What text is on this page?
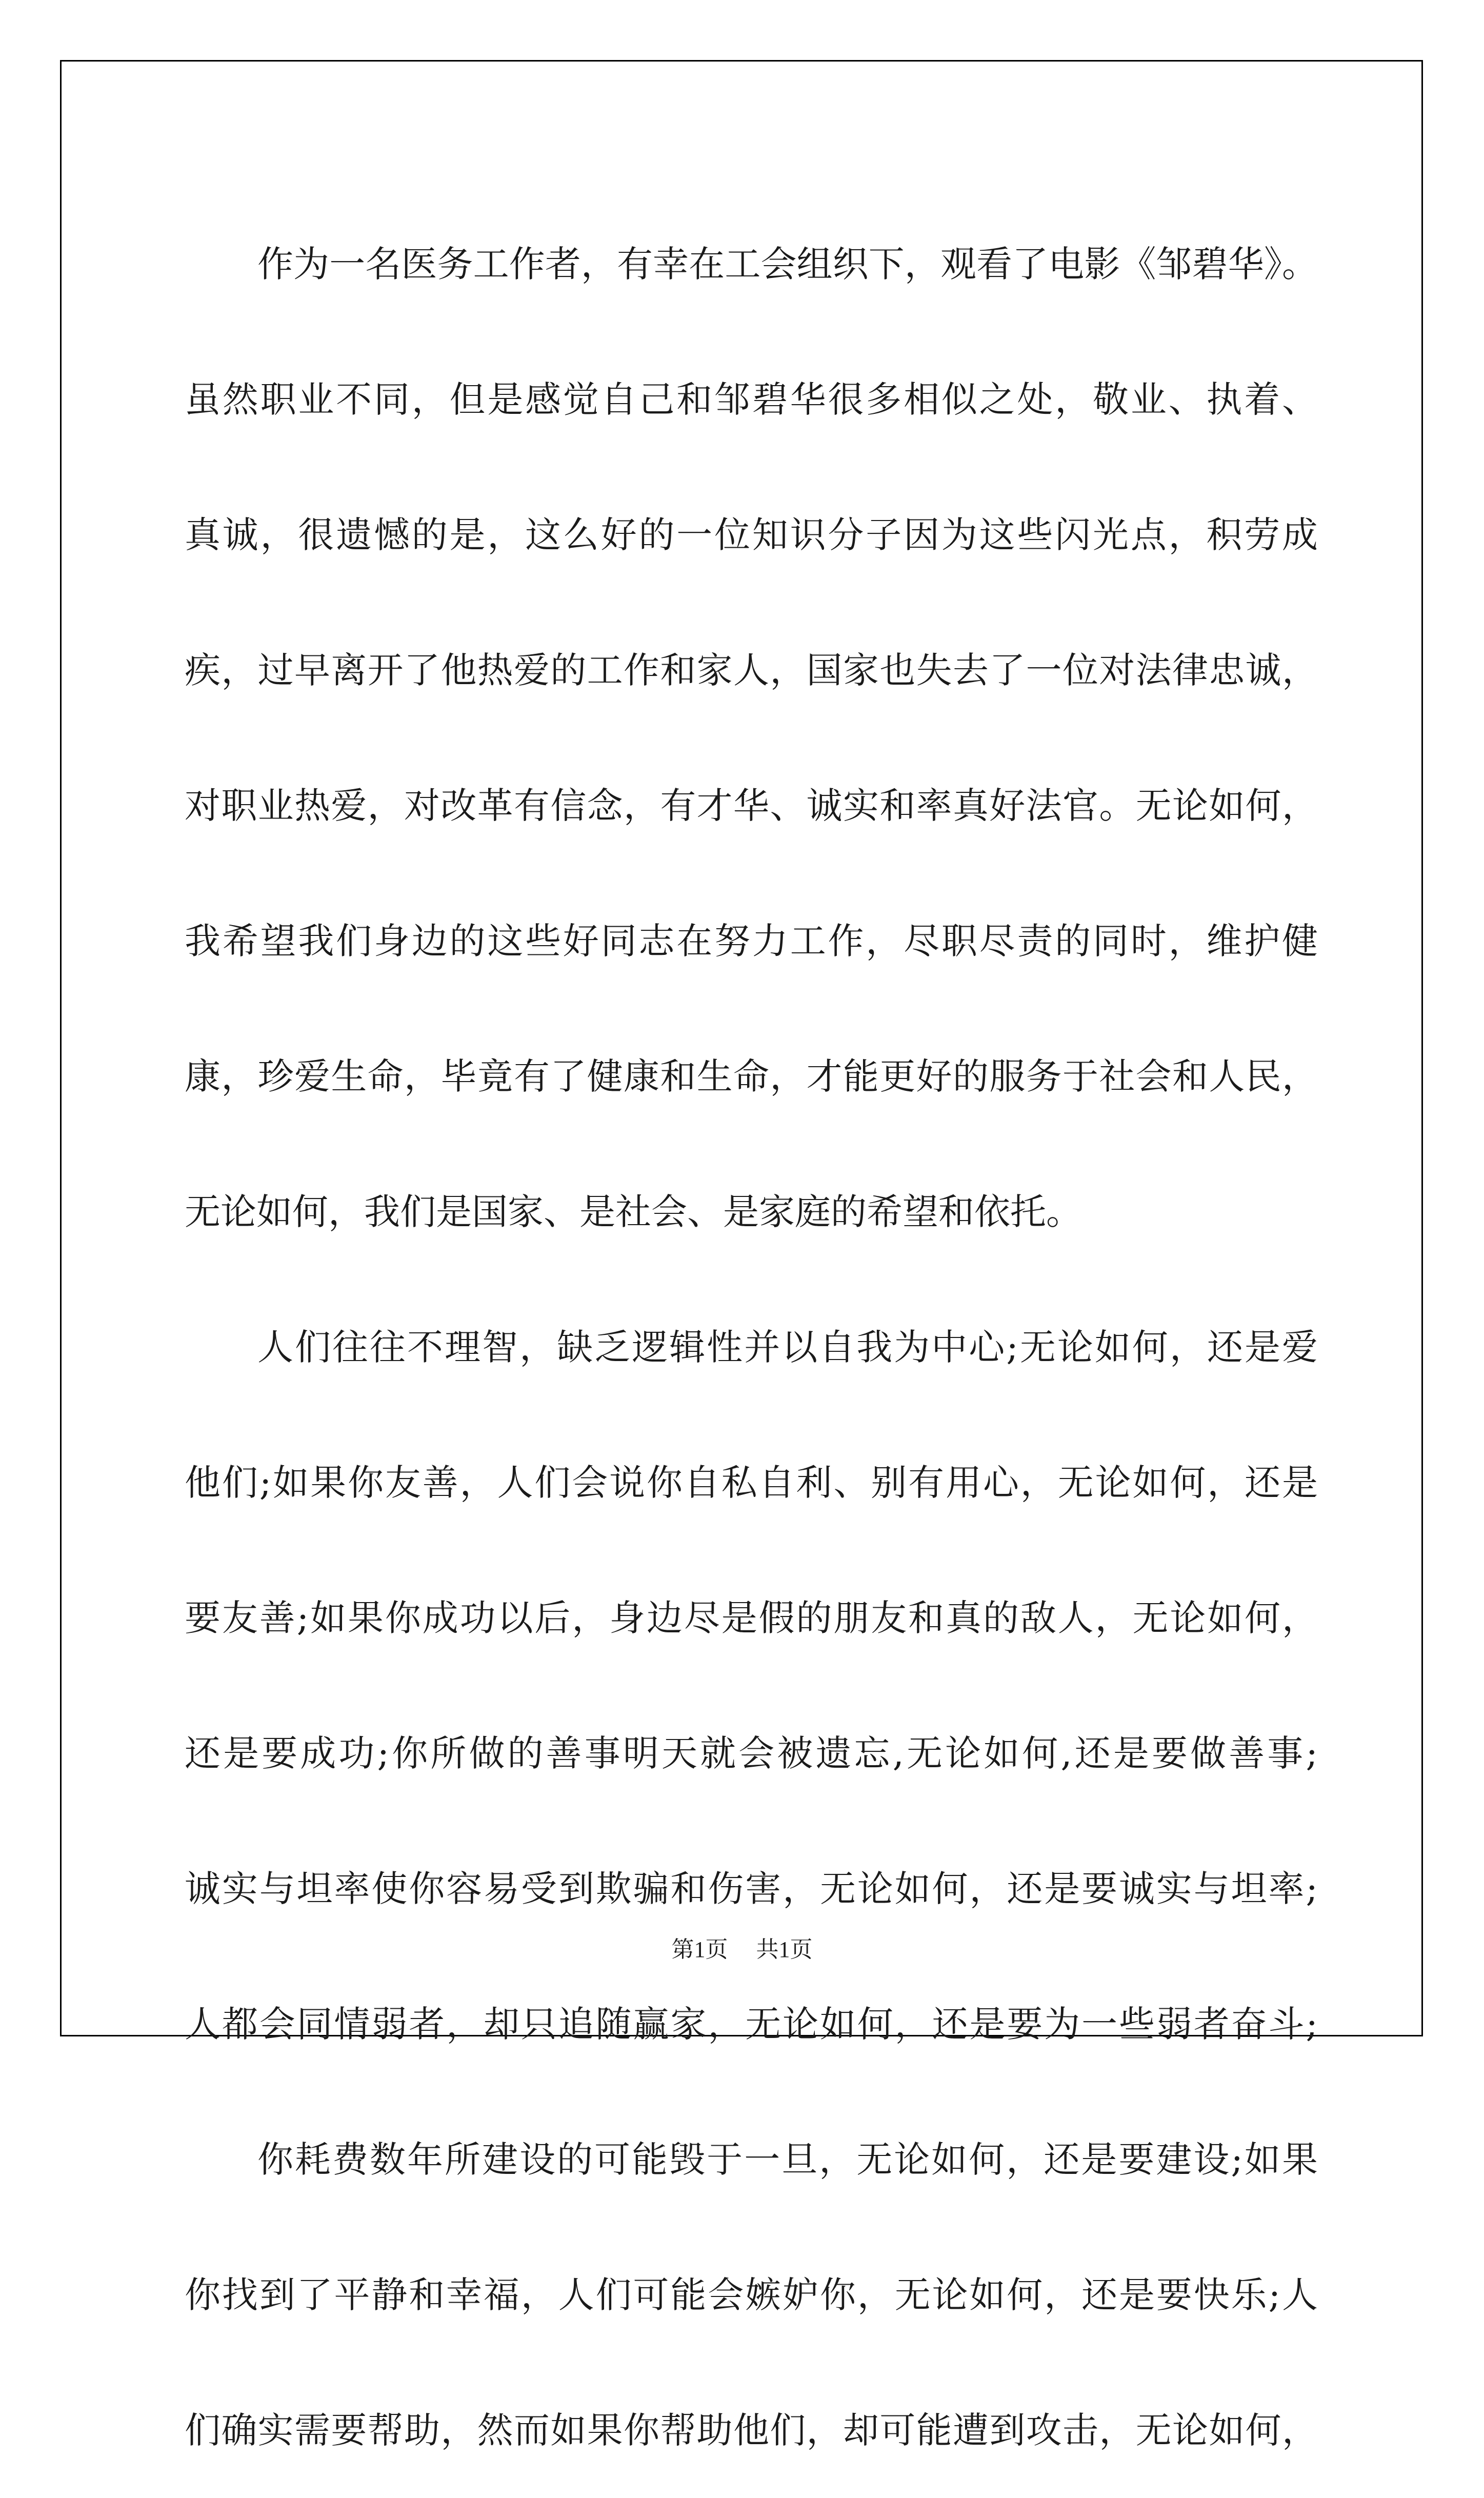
作为一名医务工作者，有幸在工会组织下，观看了电影《邹碧华》。
虽然职业不同，但是感觉自己和邹碧华很多相似之处，敬业、执着、
真诚，很遗憾的是，这么好的一位知识分子因为这些闪光点，积劳成
疾，过早离开了他热爱的工作和家人，国家也失去了一位对法律忠诚，
对职业热爱，对改革有信念，有才华、诚实和率真好法官。无论如何，
我希望我们身边的这些好同志在努力工作，尽职尽责的同时，维护健
康，珍爱生命，毕竟有了健康和生命，才能更好的服务于社会和人民，
无论如何，我们是国家、是社会、是家庭的希望和依托。
人们往往不理智，缺乏逻辑性并以自我为中心;无论如何，还是爱
他们;如果你友善，人们会说你自私自利、别有用心，无论如何，还是
要友善;如果你成功以后，身边尽是假的朋友和真的敌人，无论如何，
还是要成功;你所做的善事明天就会被遗忘,无论如何,还是要做善事;
诚实与坦率使你容易受到欺骗和伤害，无论如何，还是要诚实与坦率;
人都会同情弱者，却只追随赢家，无论如何，还是要为一些弱者奋斗;
你耗费数年所建设的可能毁于一旦，无论如何，还是要建设;如果
你找到了平静和幸福，人们可能会嫉妒你，无论如何，还是要快乐;人
们确实需要帮助，然而如果你帮助他们，却可能遭到攻击，无论如何，
第1页 共1页
